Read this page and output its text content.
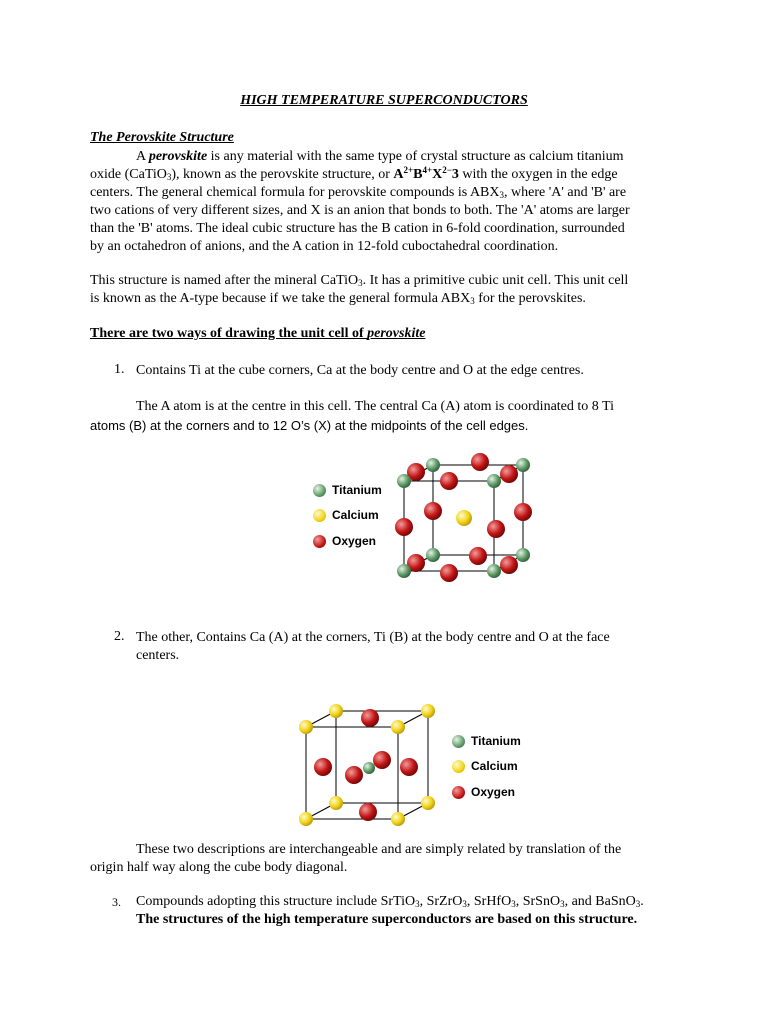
HIGH TEMPERATURE SUPERCONDUCTORS
The Perovskite Structure
A perovskite is any material with the same type of crystal structure as calcium titanium
oxide (CaTiO$_3$), known as the perovskite structure, or $A^{2+}B^{4+}X^{2-}3$ with the oxygen in the edge
centers. The general chemical formula for perovskite compounds is $ABX_3$, where 'A' and 'B' are
two cations of very different sizes, and X is an anion that bonds to both. The 'A' atoms are larger
than the 'B' atoms. The ideal cubic structure has the B cation in 6-fold coordination, surrounded
by an octahedron of anions, and the A cation in 12-fold cuboctahedral coordination.
This structure is named after the mineral CaTiO$_3$. It has a primitive cubic unit cell. This unit cell
is known as the A-type because if we take the general formula $ABX_3$ for the perovskites.
There are two ways of drawing the unit cell of perovskite
1. Contains Ti at the cube corners, Ca at the body centre and O at the edge centres.
The A atom is at the centre in this cell. The central Ca (A) atom is coordinated to 8 Ti
atoms (B) at the corners and to 12 O’s (X) at the midpoints of the cell edges.
Titanium
Calcium
Oxygen
2. The other, Contains Ca (A) at the corners, Ti (B) at the body centre and O at the face
centers.
Titanium
Calcium
Oxygen
These two descriptions are interchangeable and are simply related by translation of the
origin half way along the cube body diagonal.
3. Compounds adopting this structure include SrTiO$_3$, SrZrO$_3$, SrHfO$_3$, SrSnO$_3$, and BaSnO$_3$.
The structures of the high temperature superconductors are based on this structure.
